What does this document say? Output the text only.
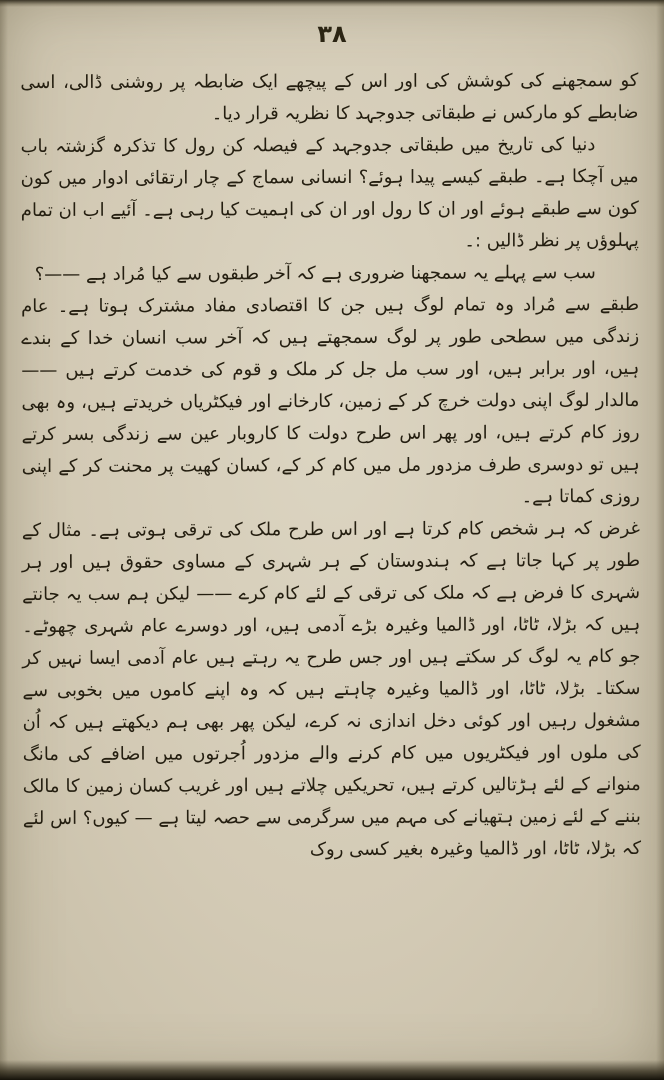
۳۸

کو سمجھنے کی کوشش کی اور اس کے پیچھے ایک ضابطہ پر روشنی ڈالی، اسی ضابطے کو مارکس نے طبقاتی جدوجہد کا نظریہ قرار دیا۔

دنیا کی تاریخ میں طبقاتی جدوجہد کے فیصلہ کن رول کا تذکرہ گزشتہ باب میں آچکا ہے۔ طبقے کیسے پیدا ہوئے؟ انسانی سماج کے چار ارتقائی ادوار میں کون کون سے طبقے ہوئے اور ان کا رول اور ان کی اہمیت کیا رہی ہے۔ آئیے اب ان تمام پہلوؤں پر نظر ڈالیں :۔

سب سے پہلے یہ سمجھنا ضروری ہے کہ آخر طبقوں سے کیا مُراد ہے ——؟

طبقے سے مُراد وہ تمام لوگ ہیں جن کا اقتصادی مفاد مشترک ہوتا ہے۔ عام زندگی میں سطحی طور پر لوگ سمجھتے ہیں کہ آخر سب انسان خدا کے بندے ہیں، اور برابر ہیں، اور سب مل جل کر ملک و قوم کی خدمت کرتے ہیں —— مالدار لوگ اپنی دولت خرچ کر کے زمین، کارخانے اور فیکٹریاں خریدتے ہیں، وہ بھی روز کام کرتے ہیں، اور پھر اس طرح دولت کا کاروبار عین سے زندگی بسر کرتے ہیں تو دوسری طرف مزدور مل میں کام کر کے، کسان کھیت پر محنت کر کے اپنی روزی کماتا ہے۔

غرض کہ ہر شخص کام کرتا ہے اور اس طرح ملک کی ترقی ہوتی ہے۔ مثال کے طور پر کہا جاتا ہے کہ ہندوستان کے ہر شہری کے مساوی حقوق ہیں اور ہر شہری کا فرض ہے کہ ملک کی ترقی کے لئے کام کرے —— لیکن ہم سب یہ جانتے ہیں کہ بڑلا، ٹاٹا، اور ڈالمیا وغیرہ بڑے آدمی ہیں، اور دوسرے عام شہری چھوٹے۔ جو کام یہ لوگ کر سکتے ہیں اور جس طرح یہ رہتے ہیں عام آدمی ایسا نہیں کر سکتا۔ بڑلا، ٹاٹا، اور ڈالمیا وغیرہ چاہتے ہیں کہ وہ اپنے کاموں میں بخوبی سے مشغول رہیں اور کوئی دخل اندازی نہ کرے، لیکن پھر بھی ہم دیکھتے ہیں کہ اُن کی ملوں اور فیکٹریوں میں کام کرنے والے مزدور اُجرتوں میں اضافے کی مانگ منوانے کے لئے ہڑتالیں کرتے ہیں، تحریکیں چلاتے ہیں اور غریب کسان زمین کا مالک بننے کے لئے زمین ہتھیانے کی مہم میں سرگرمی سے حصہ لیتا ہے — کیوں؟ اس لئے کہ بڑلا، ٹاٹا، اور ڈالمیا وغیرہ بغیر کسی روک
